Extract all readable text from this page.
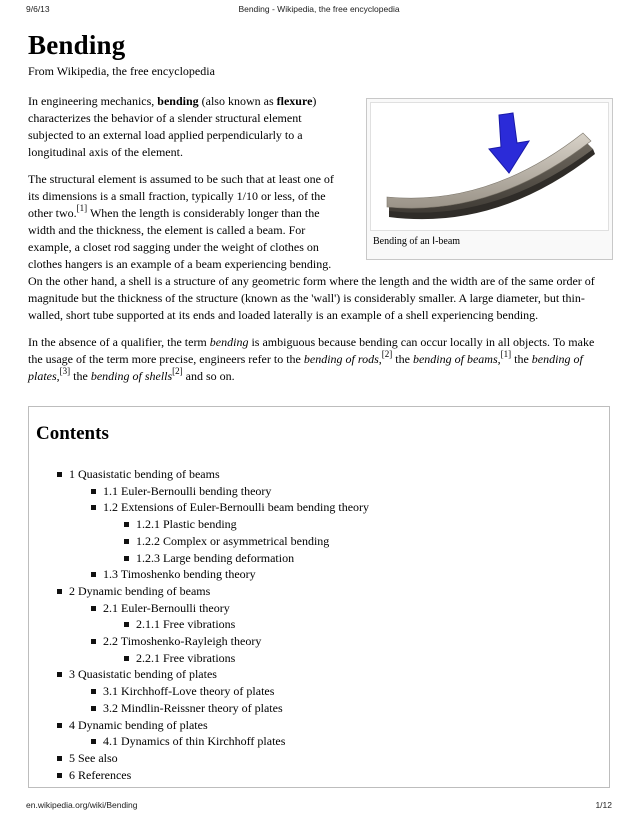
9/6/13	Bending - Wikipedia, the free encyclopedia
Bending
From Wikipedia, the free encyclopedia
Bending of an Ⅰ-beam

In engineering mechanics, bending (also known as flexure) characterizes the behavior of a slender structural element subjected to an external load applied perpendicularly to a longitudinal axis of the element.

The structural element is assumed to be such that at least one of its dimensions is a small fraction, typically 1/10 or less, of the other two.[1] When the length is considerably longer than the width and the thickness, the element is called a beam. For example, a closet rod sagging under the weight of clothes on clothes hangers is an example of a beam experiencing bending.
On the other hand, a shell is a structure of any geometric form where the length and the width are of the same order of magnitude but the thickness of the structure (known as the 'wall') is considerably smaller. A large diameter, but thin-walled, short tube supported at its ends and loaded laterally is an example of a shell experiencing bending.

In the absence of a qualifier, the term bending is ambiguous because bending can occur locally in all objects. To make the usage of the term more precise, engineers refer to the bending of rods,[2] the bending of beams,[1] the bending of plates,[3] the bending of shells[2] and so on.

Contents
1 Quasistatic bending of beams
1.1 Euler-Bernoulli bending theory
1.2 Extensions of Euler-Bernoulli beam bending theory
1.2.1 Plastic bending
1.2.2 Complex or asymmetrical bending
1.2.3 Large bending deformation
1.3 Timoshenko bending theory
2 Dynamic bending of beams
2.1 Euler-Bernoulli theory
2.1.1 Free vibrations
2.2 Timoshenko-Rayleigh theory
2.2.1 Free vibrations
3 Quasistatic bending of plates
3.1 Kirchhoff-Love theory of plates
3.2 Mindlin-Reissner theory of plates
4 Dynamic bending of plates
4.1 Dynamics of thin Kirchhoff plates
5 See also
6 References
en.wikipedia.org/wiki/Bending	1/12
